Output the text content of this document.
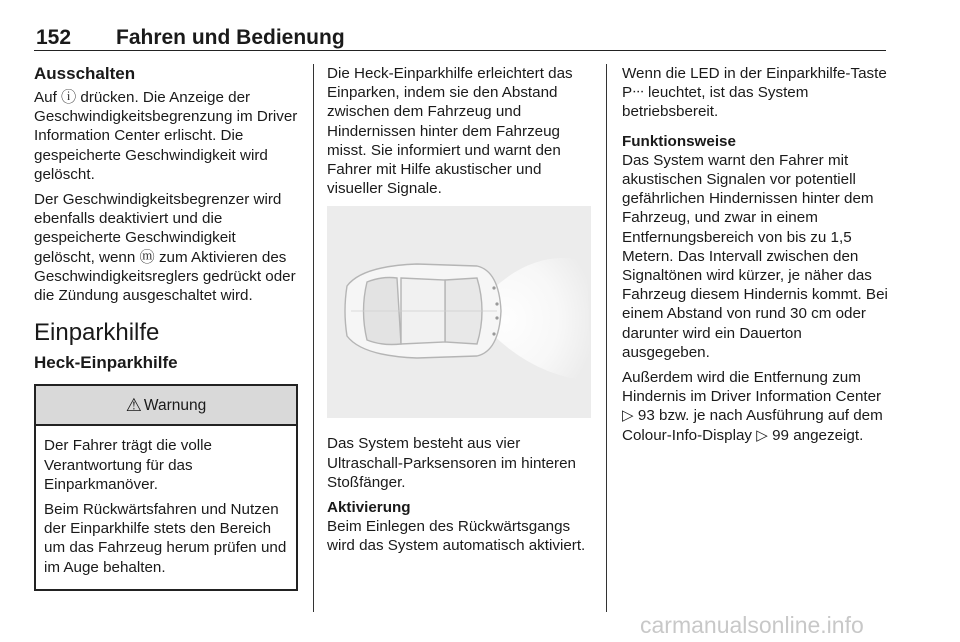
152 Fahren und Bedienung
Ausschalten

Auf ⓘ drücken. Die Anzeige der Geschwindigkeitsbegrenzung im Driver Information Center erlischt. Die gespeicherte Geschwindigkeit wird gelöscht.

Der Geschwindigkeitsbegrenzer wird ebenfalls deaktiviert und die gespeicherte Geschwindigkeit gelöscht, wenn ⓜ zum Aktivieren des Geschwindigkeitsreglers gedrückt oder die Zündung ausgeschaltet wird.

Einparkhilfe
Heck-Einparkhilfe
⚠ Warnung

Der Fahrer trägt die volle Verantwortung für das Einparkmanöver.

Beim Rückwärtsfahren und Nutzen der Einparkhilfe stets den Bereich um das Fahrzeug herum prüfen und im Auge behalten.

Die Heck-Einparkhilfe erleichtert das Einparken, indem sie den Abstand zwischen dem Fahrzeug und Hindernissen hinter dem Fahrzeug misst. Sie informiert und warnt den Fahrer mit Hilfe akustischer und visueller Signale.

Das System besteht aus vier Ultraschall-Parksensoren im hinteren Stoßfänger.

Aktivierung

Beim Einlegen des Rückwärtsgangs wird das System automatisch aktiviert.

Wenn die LED in der Einparkhilfe-Taste Pᐧᐧᐧ leuchtet, ist das System betriebsbereit.

Funktionsweise

Das System warnt den Fahrer mit akustischen Signalen vor potentiell gefährlichen Hindernissen hinter dem Fahrzeug, und zwar in einem Entfernungsbereich von bis zu 1,5 Metern. Das Intervall zwischen den Signaltönen wird kürzer, je näher das Fahrzeug diesem Hindernis kommt. Bei einem Abstand von rund 30 cm oder darunter wird ein Dauerton ausgegeben.

Außerdem wird die Entfernung zum Hindernis im Driver Information Center ▷ 93 bzw. je nach Ausführung auf dem Colour-Info-Display ▷ 99 angezeigt.

carmanualsonline.info
